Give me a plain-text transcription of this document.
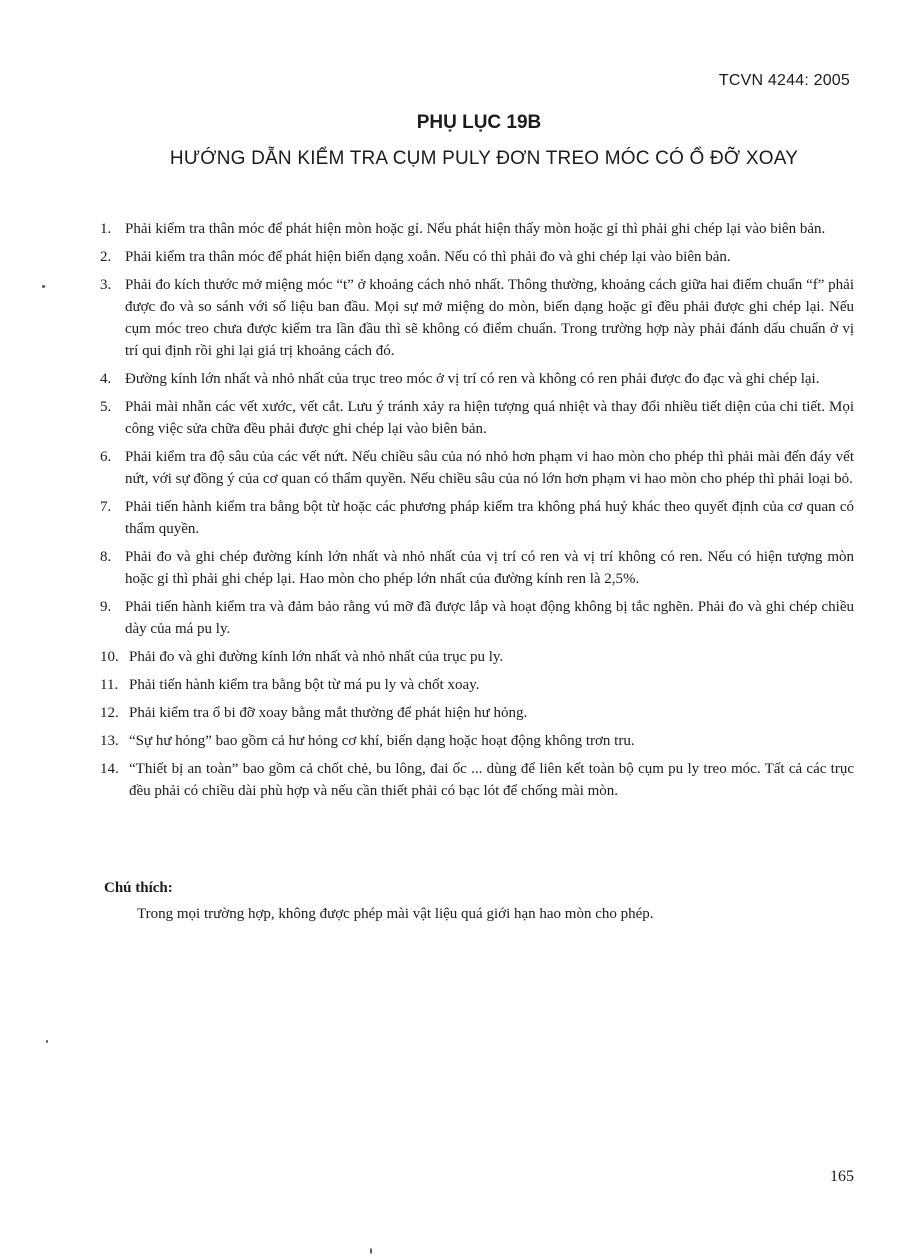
TCVN 4244: 2005
PHỤ LỤC 19B
HƯỚNG DẪN KIỂM TRA CỤM PULY ĐƠN TREO MÓC CÓ Ổ ĐỠ XOAY
1. Phải kiểm tra thân móc để phát hiện mòn hoặc gỉ. Nếu phát hiện thấy mòn hoặc gỉ thì phải ghi chép lại vào biên bản.
2. Phải kiểm tra thân móc để phát hiện biến dạng xoắn. Nếu có thì phải đo và ghi chép lại vào biên bản.
3. Phải đo kích thước mở miệng móc “t” ở khoảng cách nhỏ nhất. Thông thường, khoảng cách giữa hai điểm chuẩn “f” phải được đo và so sánh với số liệu ban đầu. Mọi sự mở miệng do mòn, biến dạng hoặc gỉ đều phải được ghi chép lại. Nếu cụm móc treo chưa được kiểm tra lần đầu thì sẽ không có điểm chuẩn. Trong trường hợp này phải đánh dấu chuẩn ở vị trí qui định rồi ghi lại giá trị khoảng cách đó.
4. Đường kính lớn nhất và nhỏ nhất của trục treo móc ở vị trí có ren và không có ren phải được đo đạc và ghi chép lại.
5. Phải mài nhẵn các vết xước, vết cắt. Lưu ý tránh xảy ra hiện tượng quá nhiệt và thay đổi nhiều tiết diện của chi tiết. Mọi công việc sửa chữa đều phải được ghi chép lại vào biên bản.
6. Phải kiểm tra độ sâu của các vết nứt. Nếu chiều sâu của nó nhỏ hơn phạm vi hao mòn cho phép thì phải mài đến đáy vết nứt, với sự đồng ý của cơ quan có thẩm quyền. Nếu chiều sâu của nó lớn hơn phạm vi hao mòn cho phép thì phải loại bỏ.
7. Phải tiến hành kiểm tra bằng bột từ hoặc các phương pháp kiểm tra không phá huỷ khác theo quyết định của cơ quan có thẩm quyền.
8. Phải đo và ghi chép đường kính lớn nhất và nhỏ nhất của vị trí có ren và vị trí không có ren. Nếu có hiện tượng mòn hoặc gỉ thì phải ghi chép lại. Hao mòn cho phép lớn nhất của đường kính ren là 2,5%.
9. Phải tiến hành kiểm tra và đảm bảo rằng vú mỡ đã được lắp và hoạt động không bị tắc nghẽn. Phải đo và ghi chép chiều dày của má pu ly.
10. Phải đo và ghi đường kính lớn nhất và nhỏ nhất của trục pu ly.
11. Phải tiến hành kiểm tra bằng bột từ má pu ly và chốt xoay.
12. Phải kiểm tra ổ bi đỡ xoay bằng mắt thường để phát hiện hư hỏng.
13. “Sự hư hỏng” bao gồm cả hư hỏng cơ khí, biến dạng hoặc hoạt động không trơn tru.
14. “Thiết bị an toàn” bao gồm cả chốt chẻ, bu lông, đai ốc ... dùng để liên kết toàn bộ cụm pu ly treo móc. Tất cả các trục đều phải có chiều dài phù hợp và nếu cần thiết phải có bạc lót để chống mài mòn.
Chú thích:
Trong mọi trường hợp, không được phép mài vật liệu quá giới hạn hao mòn cho phép.
165
